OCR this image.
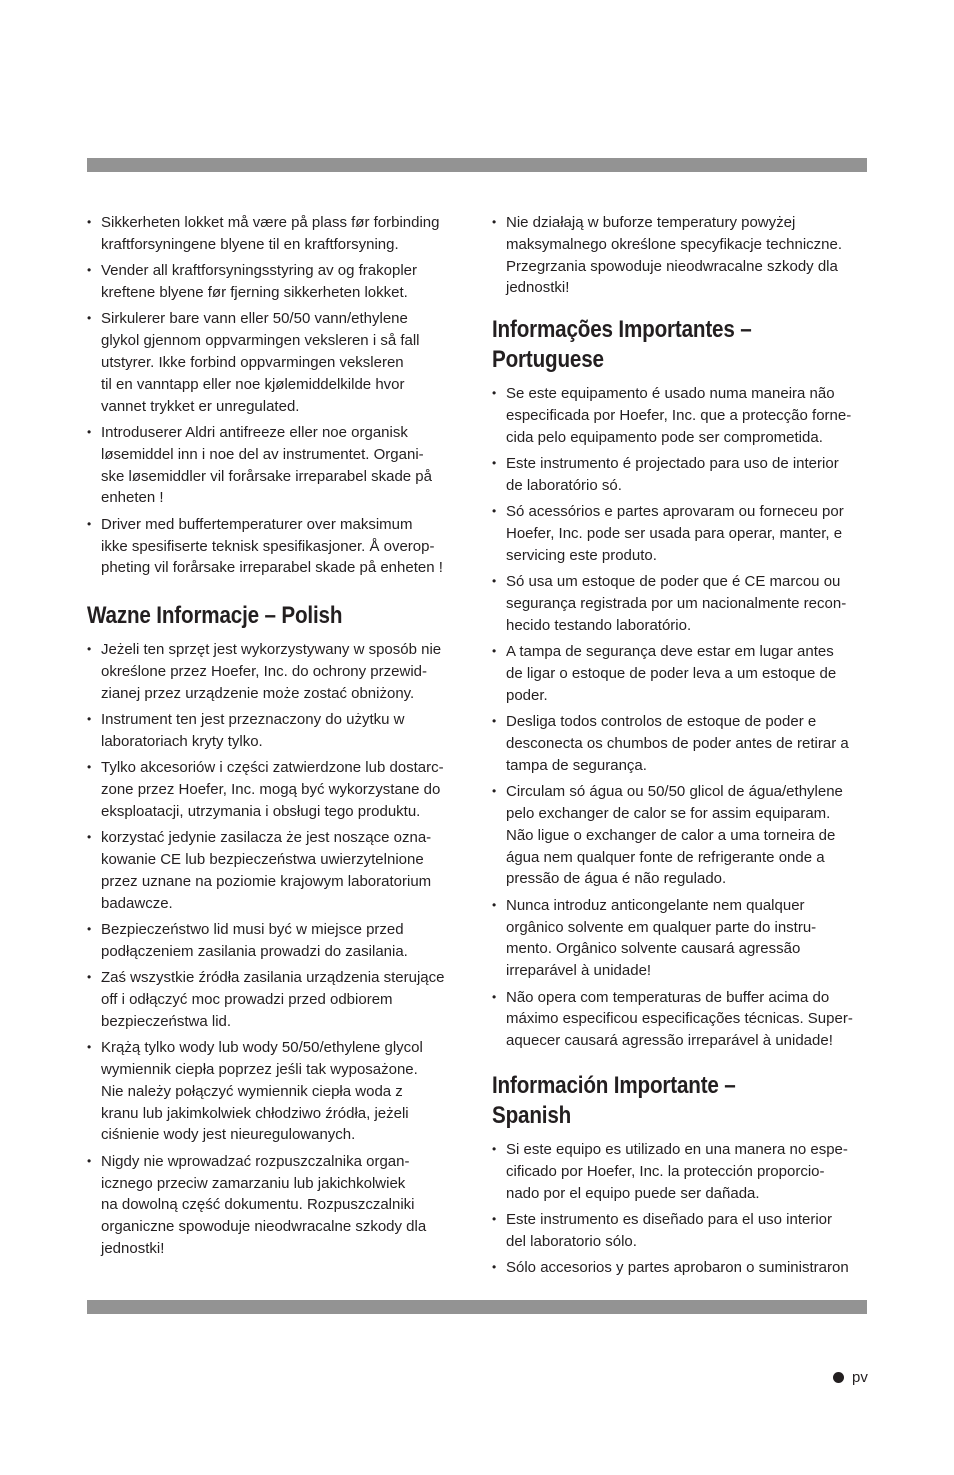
• Sikkerheten lokket må være på plass før forbinding
kraftforsyningene blyene til en kraftforsyning.
• Vender all kraftforsyningsstyring av og frakopler
kreftene blyene før fjerning sikkerheten lokket.
• Sirkulerer bare vann eller 50/50 vann/ethylene
glykol gjennom oppvarmingen veksleren i så fall
utstyrer. Ikke forbind oppvarmingen veksleren
til en vanntapp eller noe kjølemiddelkilde hvor
vannet trykket er unregulated.
• Introduserer Aldri antifreeze eller noe organisk
løsemiddel inn i noe del av instrumentet. Organi-
ske løsemiddler vil forårsake irreparabel skade på
enheten !
• Driver med buffertemperaturer over maksimum
ikke spesifiserte teknisk spesifikasjoner. Å overop-
pheting vil forårsake irreparabel skade på enheten !
Wazne Informacje – Polish
• Jeżeli ten sprzęt jest wykorzystywany w sposób nie
określone przez Hoefer, Inc. do ochrony przewid-
zianej przez urządzenie może zostać obniżony.
• Instrument ten jest przeznaczony do użytku w
laboratoriach kryty tylko.
• Tylko akcesoriów i części zatwierdzone lub dostarc-
zone przez Hoefer, Inc. mogą być wykorzystane do
eksploatacji, utrzymania i obsługi tego produktu.
• korzystać jedynie zasilacza że jest noszące ozna-
kowanie CE lub bezpieczeństwa uwierzytelnione
przez uznane na poziomie krajowym laboratorium
badawcze.
• Bezpieczeństwo lid musi być w miejsce przed
podłączeniem zasilania prowadzi do zasilania.
• Zaś wszystkie źródła zasilania urządzenia sterujące
off i odłączyć moc prowadzi przed odbiorem
bezpieczeństwa lid.
• Krążą tylko wody lub wody 50/50/ethylene glycol
wymiennik ciepła poprzez jeśli tak wyposażone.
Nie należy połączyć wymiennik ciepła woda z
kranu lub jakimkolwiek chłodziwo źródła, jeżeli
ciśnienie wody jest nieuregulowanych.
• Nigdy nie wprowadzać rozpuszczalnika organ-
icznego przeciw zamarzaniu lub jakichkolwiek
na dowolną część dokumentu. Rozpuszczalniki
organiczne spowoduje nieodwracalne szkody dla
jednostki!
• Nie działają w buforze temperatury powyżej
maksymalnego określone specyfikacje techniczne.
Przegrzania spowoduje nieodwracalne szkody dla
jednostki!
Informações Importantes –
Portuguese
• Se este equipamento é usado numa maneira não
especificada por Hoefer, Inc. que a protecção forne-
cida pelo equipamento pode ser comprometida.
• Este instrumento é projectado para uso de interior
de laboratório só.
• Só acessórios e partes aprovaram ou forneceu por
Hoefer, Inc. pode ser usada para operar, manter, e
servicing este produto.
• Só usa um estoque de poder que é CE marcou ou
segurança registrada por um nacionalmente recon-
hecido testando laboratório.
• A tampa de segurança deve estar em lugar antes
de ligar o estoque de poder leva a um estoque de
poder.
• Desliga todos controlos de estoque de poder e
desconecta os chumbos de poder antes de retirar a
tampa de segurança.
• Circulam só água ou 50/50 glicol de água/ethylene
pelo exchanger de calor se for assim equiparam.
Não ligue o exchanger de calor a uma torneira de
água nem qualquer fonte de refrigerante onde a
pressão de água é não regulado.
• Nunca introduz anticongelante nem qualquer
orgânico solvente em qualquer parte do instru-
mento. Orgânico solvente causará agressão
irreparável à unidade!
• Não opera com temperaturas de buffer acima do
máximo especificou especificações técnicas. Super-
aquecer causará agressão irreparável à unidade!
Información Importante – Spanish
• Si este equipo es utilizado en una manera no espe-
cificado por Hoefer, Inc. la protección proporcio-
nado por el equipo puede ser dañada.
• Este instrumento es diseñado para el uso interior
del laboratorio sólo.
• Sólo accesorios y partes aprobaron o suministraron
pv
